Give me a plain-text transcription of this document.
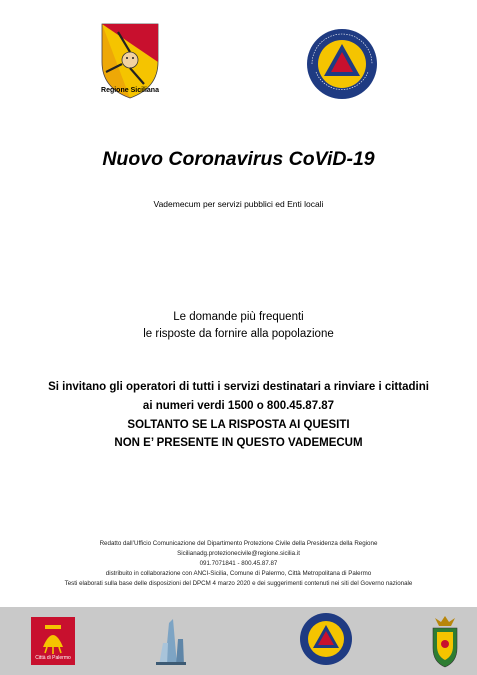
Regione Siciliana
Nuovo Coronavirus CoViD-19
Vademecum per servizi pubblici ed Enti locali
Le domande più frequenti
le risposte da fornire alla popolazione
Si invitano gli operatori di tutti i servizi destinatari a rinviare i cittadini
ai numeri verdi 1500 o 800.45.87.87
SOLTANTO SE LA RISPOSTA AI QUESITI
NON E’ PRESENTE IN QUESTO VADEMECUM
Redatto dall’Ufficio Comunicazione del Dipartimento Protezione Civile della Presidenza della Regione
Sicilianadg.protezionecivile@regione.sicilia.it
091.7071841 - 800.45.87.87
distribuito in collaborazione con ANCI-Sicilia, Comune di Palermo, Città Metropolitana di Palermo
Testi elaborati sulla base delle disposizioni del DPCM 4 marzo 2020 e dei suggerimenti contenuti nei siti del Governo nazionale
Città di Palermo
